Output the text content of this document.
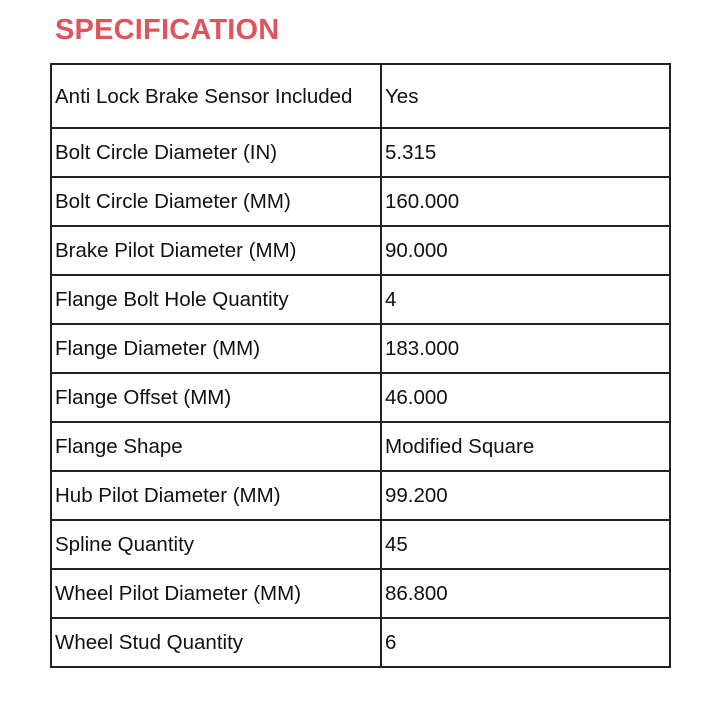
SPECIFICATION
Anti Lock Brake Sensor Included	Yes
Bolt Circle Diameter (IN)	5.315
Bolt Circle Diameter (MM)	160.000
Brake Pilot Diameter (MM)	90.000
Flange Bolt Hole Quantity	4
Flange Diameter (MM)	183.000
Flange Offset (MM)	46.000
Flange Shape	Modified Square
Hub Pilot Diameter (MM)	99.200
Spline Quantity	45
Wheel Pilot Diameter (MM)	86.800
Wheel Stud Quantity	6
